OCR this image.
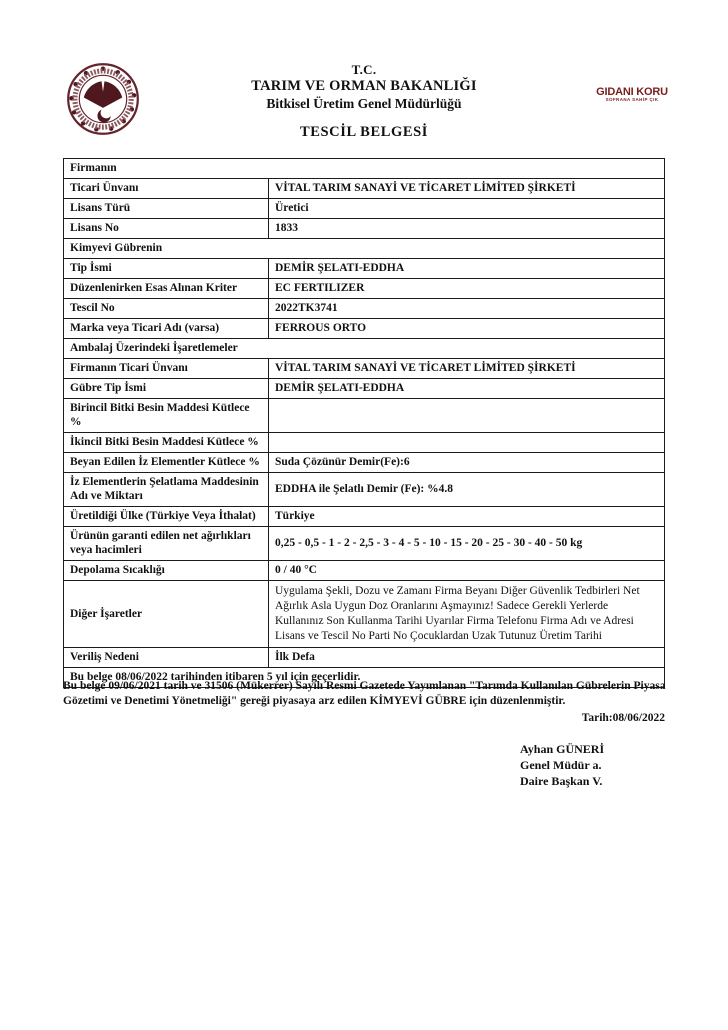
T.C.
TARIM VE ORMAN BAKANLIĞI
Bitkisel Üretim Genel Müdürlüğü
TESCİL BELGESİ
GIDANI KORU
SOFRANA SAHİP ÇIK
Firmanın	
Ticari Ünvanı	VİTAL TARIM SANAYİ VE TİCARET LİMİTED ŞİRKETİ
Lisans Türü	Üretici
Lisans No	1833
Kimyevi Gübrenin	
Tip İsmi	DEMİR ŞELATI-EDDHA
Düzenlenirken Esas Alınan Kriter	EC FERTILIZER
Tescil No	2022TK3741
Marka veya Ticari Adı (varsa)	FERROUS ORTO
Ambalaj Üzerindeki İşaretlemeler	
Firmanın Ticari Ünvanı	VİTAL TARIM SANAYİ VE TİCARET LİMİTED ŞİRKETİ
Gübre Tip İsmi	DEMİR ŞELATI-EDDHA
Birincil Bitki Besin Maddesi Kütlece %	
İkincil Bitki Besin Maddesi Kütlece %	
Beyan Edilen İz Elementler Kütlece %	Suda Çözünür Demir(Fe):6
İz Elementlerin Şelatlama Maddesinin Adı ve Miktarı	EDDHA ile Şelatlı Demir (Fe): %4.8
Üretildiği Ülke (Türkiye Veya İthalat)	Türkiye
Ürünün garanti edilen net ağırlıkları veya hacimleri	0,25 - 0,5 - 1 - 2 - 2,5 - 3 - 4 - 5 - 10 - 15 - 20 - 25 - 30 - 40 - 50 kg
Depolama Sıcaklığı	0 / 40 °C
Diğer İşaretler	Uygulama Şekli, Dozu ve Zamanı Firma Beyanı Diğer Güvenlik Tedbirleri Net Ağırlık Asla Uygun Doz Oranlarını Aşmayınız! Sadece Gerekli Yerlerde Kullanınız Son Kullanma Tarihi Uyarılar Firma Telefonu Firma Adı ve Adresi Lisans ve Tescil No Parti No Çocuklardan Uzak Tutunuz Üretim Tarihi
Veriliş Nedeni	İlk Defa
Bu belge 08/06/2022 tarihinden itibaren 5 yıl için geçerlidir.	
Bu belge 09/06/2021 tarih ve 31506 (Mükerrer) Sayılı Resmi Gazetede Yayımlanan "Tarımda Kullanılan Gübrelerin Piyasa Gözetimi ve Denetimi Yönetmeliği" gereği piyasaya arz edilen KİMYEVİ GÜBRE için düzenlenmiştir.
Tarih:08/06/2022
Ayhan GÜNERİ
Genel Müdür a.
Daire Başkan V.
